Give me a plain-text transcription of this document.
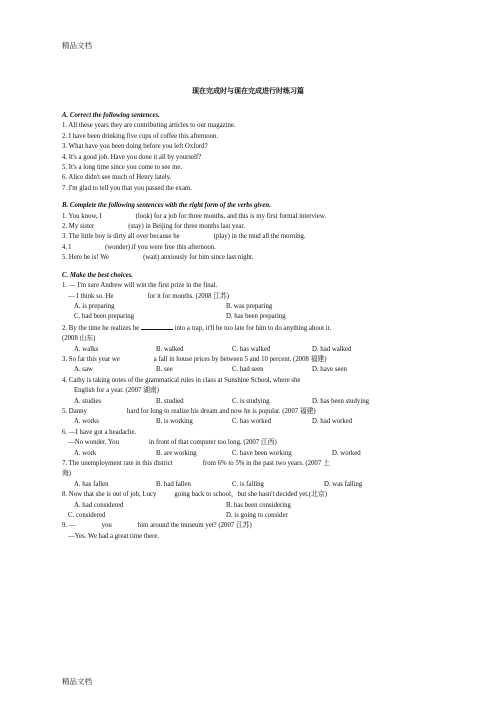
精品文档
现在完成时与现在完成进行时练习篇
A. Correct the following sentences.
1. All these years they are contributing articles to our magazine.
2. I have been drinking five cups of coffee this afternoon.
3. What have you been doing before you left Oxford?
4. It's a good job. Have you done it all by yourself?
5. It's a long time since you come to see me.
6. Alice didn't see much of Henry lately.
7. I'm glad to tell you that you passed the exam.
B. Complete the following sentences with the right form of the verbs given.
1. You know, I	(look) for a job for three months, and this is my first formal interview.
2. My sister	(stay) in Beijing for three months last year.
3. The little boy is dirty all over because he	(play) in the mud all the morning.
4. I	(wonder) if you were free this afternoon.
5. Here he is! We	(wait) anxiously for him since last night.
C. Make the best choices.
1. — I'm sure Andrew will win the first prize in the final.
— I think so. He	for it for months. (2008 江苏)
A. is preparing	B. was preparing
C. had been preparing	D. has been preparing
2. By the time he realizes he	into a trap, it'll be too late for him to do anything about it.
(2008 山东)
A. walks	B. walked	C. has walked	D. had walked
3. So far this year we	a fall in house prices by between 5 and 10 percent. (2008 福建)
A. saw	B. see	C. had seen	D. have seen
4. Cathy is taking notes of the grammatical rules in class at Sunshine School, where she
English for a year. (2007 湖南)
A. studies	B. studied	C. is studying	D. has been studying
5. Danny	hard for long to realize his dream and now he is popular. (2007 福建)
A. works	B. is working	C. has worked	D. had worked
6. —I have got a headache.
—No wonder. You	in front of that computer too long. (2007 江西)
A. work	B. are working	C. have been working	D. worked
7. The unemployment rate in this district	from 6% to 5% in the past two years. (2007 上
海)
A. has fallen	B. had fallen	C. is falling	D. was falling
8. Now that she is out of job, Lucy	going back to school，but she hasn't decided yet.(北京)
A. had considered	B. has been considering
C. considered	D. is going to consider
9. —	you	him around the museum yet? (2007 江苏)
—Yes. We had a great time there.
精品文档
